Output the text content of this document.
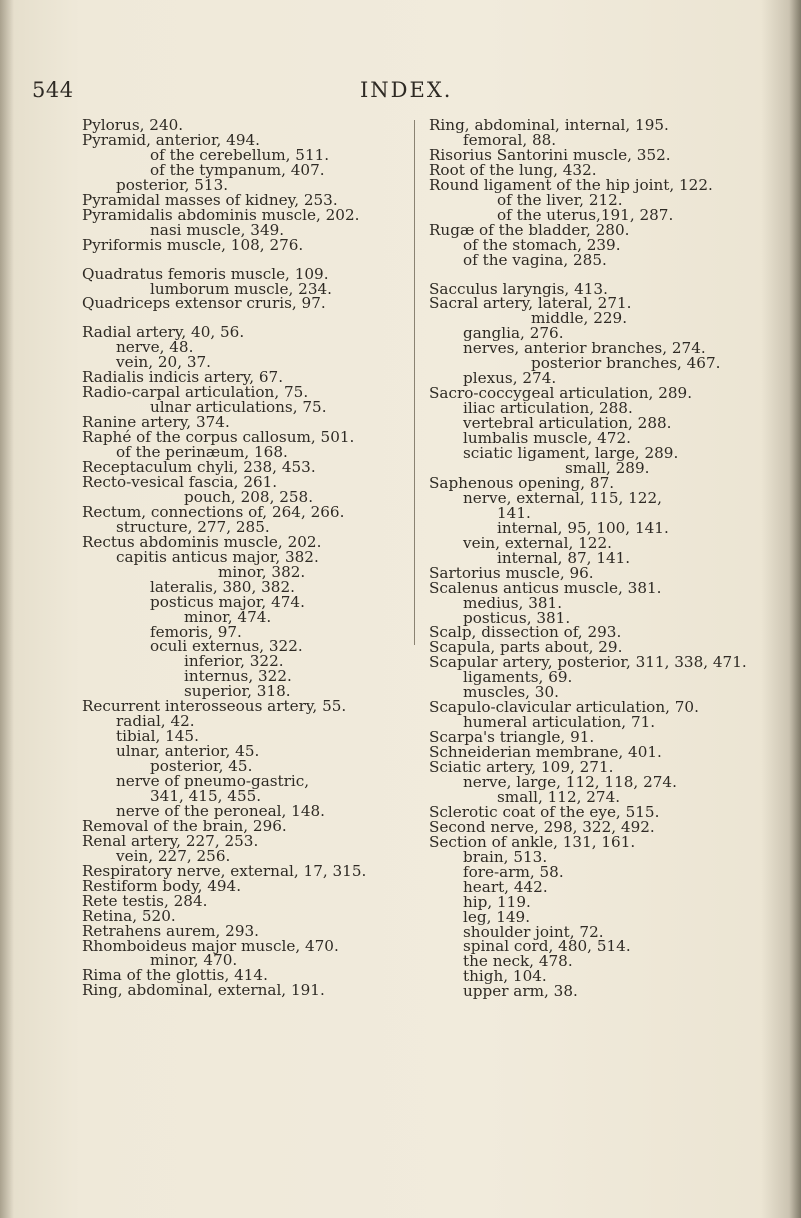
544	INDEX.
Pylorus, 240.
Pyramid, anterior, 494.
of the cerebellum, 511.
of the tympanum, 407.
posterior, 513.
Pyramidal masses of kidney, 253.
Pyramidalis abdominis muscle, 202.
nasi muscle, 349.
Pyriformis muscle, 108, 276.
Quadratus femoris muscle, 109.
lumborum muscle, 234.
Quadriceps extensor cruris, 97.
Radial artery, 40, 56.
nerve, 48.
vein, 20, 37.
Radialis indicis artery, 67.
Radio-carpal articulation, 75.
ulnar articulations, 75.
Ranine artery, 374.
Raphé of the corpus callosum, 501.
of the perinæum, 168.
Receptaculum chyli, 238, 453.
Recto-vesical fascia, 261.
pouch, 208, 258.
Rectum, connections of, 264, 266.
structure, 277, 285.
Rectus abdominis muscle, 202.
capitis anticus major, 382.
minor, 382.
lateralis, 380, 382.
posticus major, 474.
minor, 474.
femoris, 97.
oculi externus, 322.
inferior, 322.
internus, 322.
superior, 318.
Recurrent interosseous artery, 55.
radial, 42.
tibial, 145.
ulnar, anterior, 45.
posterior, 45.
nerve of pneumo-gastric,
341, 415, 455.
nerve of the peroneal, 148.
Removal of the brain, 296.
Renal artery, 227, 253.
vein, 227, 256.
Respiratory nerve, external, 17, 315.
Restiform body, 494.
Rete testis, 284.
Retina, 520.
Retrahens aurem, 293.
Rhomboideus major muscle, 470.
minor, 470.
Rima of the glottis, 414.
Ring, abdominal, external, 191.
Ring, abdominal, internal, 195.
femoral, 88.
Risorius Santorini muscle, 352.
Root of the lung, 432.
Round ligament of the hip joint, 122.
of the liver, 212.
of the uterus,191, 287.
Rugæ of the bladder, 280.
of the stomach, 239.
of the vagina, 285.
Sacculus laryngis, 413.
Sacral artery, lateral, 271.
middle, 229.
ganglia, 276.
nerves, anterior branches, 274.
posterior branches, 467.
plexus, 274.
Sacro-coccygeal articulation, 289.
iliac articulation, 288.
vertebral articulation, 288.
lumbalis muscle, 472.
sciatic ligament, large, 289.
small, 289.
Saphenous opening, 87.
nerve, external, 115, 122,
141.
internal, 95, 100, 141.
vein, external, 122.
internal, 87, 141.
Sartorius muscle, 96.
Scalenus anticus muscle, 381.
medius, 381.
posticus, 381.
Scalp, dissection of, 293.
Scapula, parts about, 29.
Scapular artery, posterior, 311, 338, 471.
ligaments, 69.
muscles, 30.
Scapulo-clavicular articulation, 70.
humeral articulation, 71.
Scarpa's triangle, 91.
Schneiderian membrane, 401.
Sciatic artery, 109, 271.
nerve, large, 112, 118, 274.
small, 112, 274.
Sclerotic coat of the eye, 515.
Second nerve, 298, 322, 492.
Section of ankle, 131, 161.
brain, 513.
fore-arm, 58.
heart, 442.
hip, 119.
leg, 149.
shoulder joint, 72.
spinal cord, 480, 514.
the neck, 478.
thigh, 104.
upper arm, 38.
